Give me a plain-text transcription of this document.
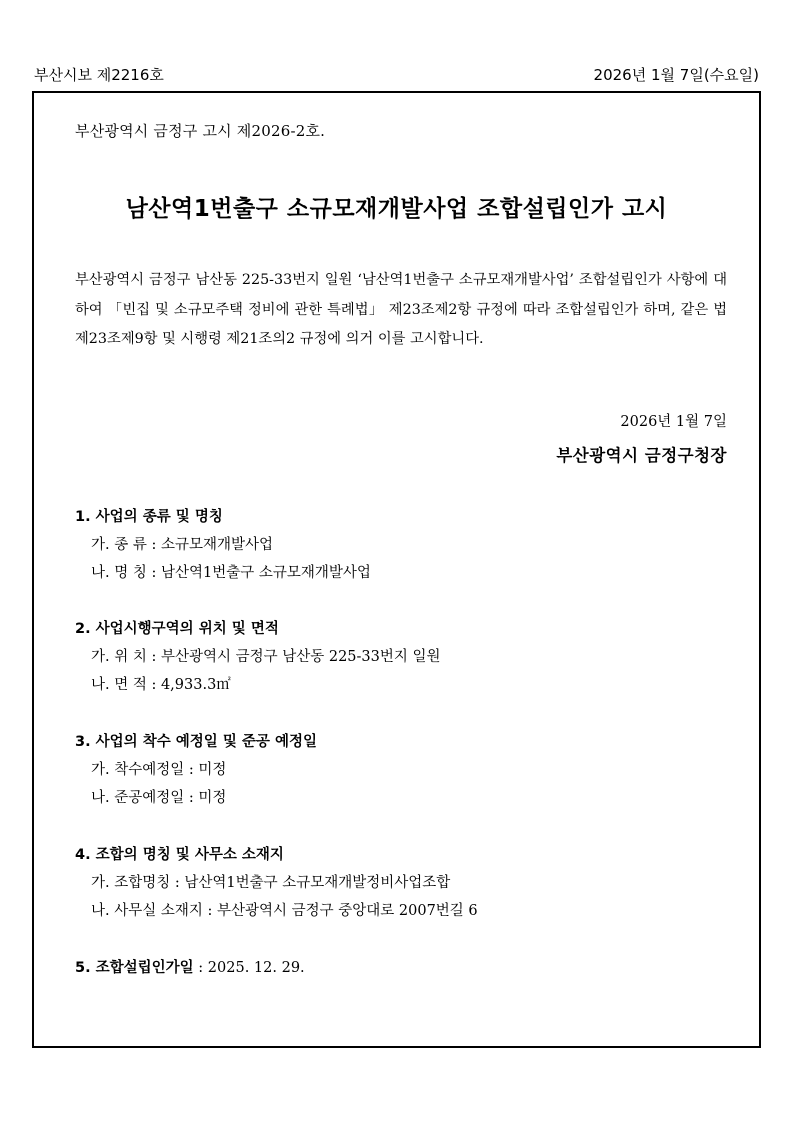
부산시보 제2216호	2026년 1월 7일(수요일)
부산광역시 금정구 고시 제2026-2호.
남산역1번출구 소규모재개발사업 조합설립인가 고시
부산광역시 금정구 남산동 225-33번지 일원 ‘남산역1번출구 소규모재개발사업’ 조합설립인가 사항에 대하여 「빈집 및 소규모주택 정비에 관한 특례법」 제23조제2항 규정에 따라 조합설립인가 하며, 같은 법 제23조제9항 및 시행령 제21조의2 규정에 의거 이를 고시합니다.
2026년 1월 7일
부산광역시 금정구청장
1. 사업의 종류 및 명칭
가. 종 류 : 소규모재개발사업
나. 명 칭 : 남산역1번출구 소규모재개발사업
2. 사업시행구역의 위치 및 면적
가. 위 치 : 부산광역시 금정구 남산동 225-33번지 일원
나. 면 적 : 4,933.3㎡
3. 사업의 착수 예정일 및 준공 예정일
가. 착수예정일 : 미정
나. 준공예정일 : 미정
4. 조합의 명칭 및 사무소 소재지
가. 조합명칭 : 남산역1번출구 소규모재개발정비사업조합
나. 사무실 소재지 : 부산광역시 금정구 중앙대로 2007번길 6
5. 조합설립인가일 : 2025. 12. 29.
